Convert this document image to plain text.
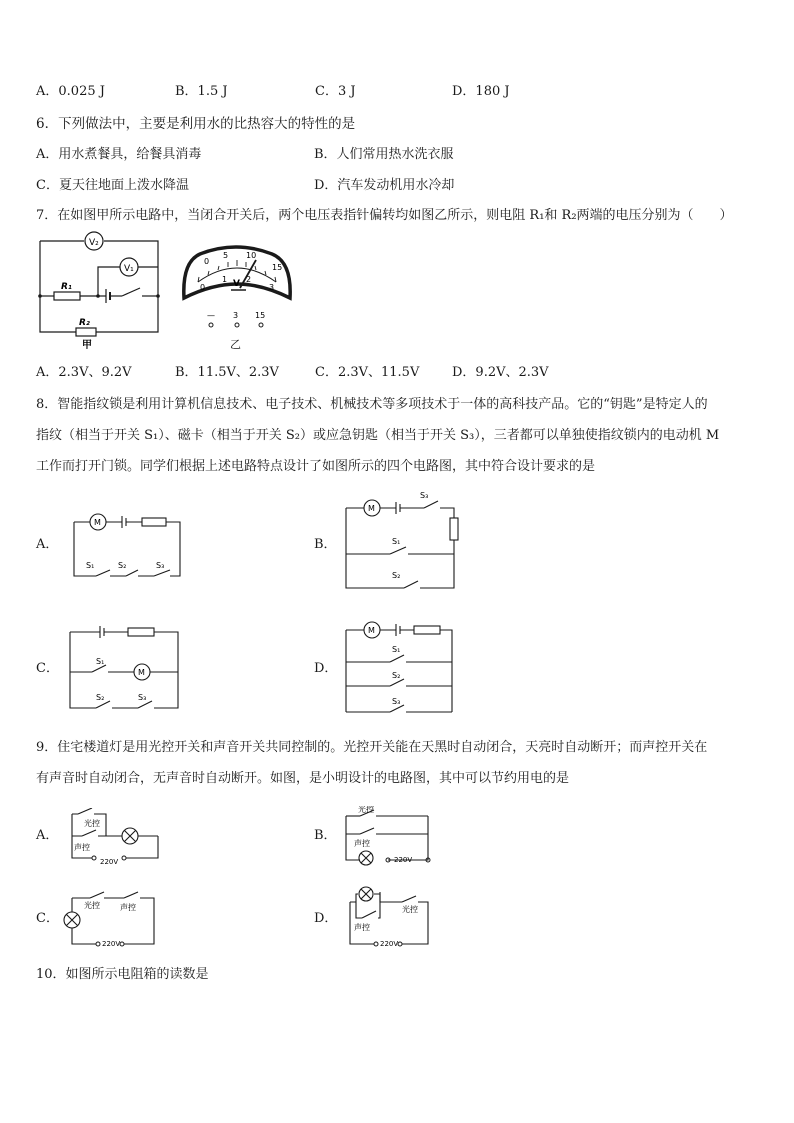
A．0.025 J	B．1.5 J	C．3 J	D．180 J
6．下列做法中，主要是利用水的比热容大的特性的是
A．用水煮餐具，给餐具消毒	B．人们常用热水洗衣服
C．夏天往地面上泼水降温	D．汽车发动机用水冷却
7．在如图甲所示电路中，当闭合开关后，两个电压表指针偏转均如图乙所示，则电阻 R₁和 R₂两端的电压分别为（　　）
V₂
V₁
R₁
R₂
甲
0
5 10
15
0
1 2
3
V
— 3 15
乙
A．2.3V、9.2V	B．11.5V、2.3V	C．2.3V、11.5V	D．9.2V、2.3V
8．智能指纹锁是利用计算机信息技术、电子技术、机械技术等多项技术于一体的高科技产品。它的“钥匙”是特定人的
指纹（相当于开关 S₁）、磁卡（相当于开关 S₂）或应急钥匙（相当于开关 S₃），三者都可以单独使指纹锁内的电动机 M
工作而打开门锁。同学们根据上述电路特点设计了如图所示的四个电路图，其中符合设计要求的是
A．
M
S₁	S₂	S₃
B．
M
S₃
S₁
S₂
C．	S₁
M
S₂	S₃
D．
M
S₁
S₂
S₃
9．住宅楼道灯是用光控开关和声音开关共同控制的。光控开关能在天黑时自动闭合，天亮时自动断开；而声控开关在
有声音时自动闭合，无声音时自动断开。如图，是小明设计的电路图，其中可以节约用电的是
A．
光控
声控
220V
B．
光控
声控
220V
C．
光控	声控
220V
D．
光控
声控
220V
10．如图所示电阻箱的读数是
